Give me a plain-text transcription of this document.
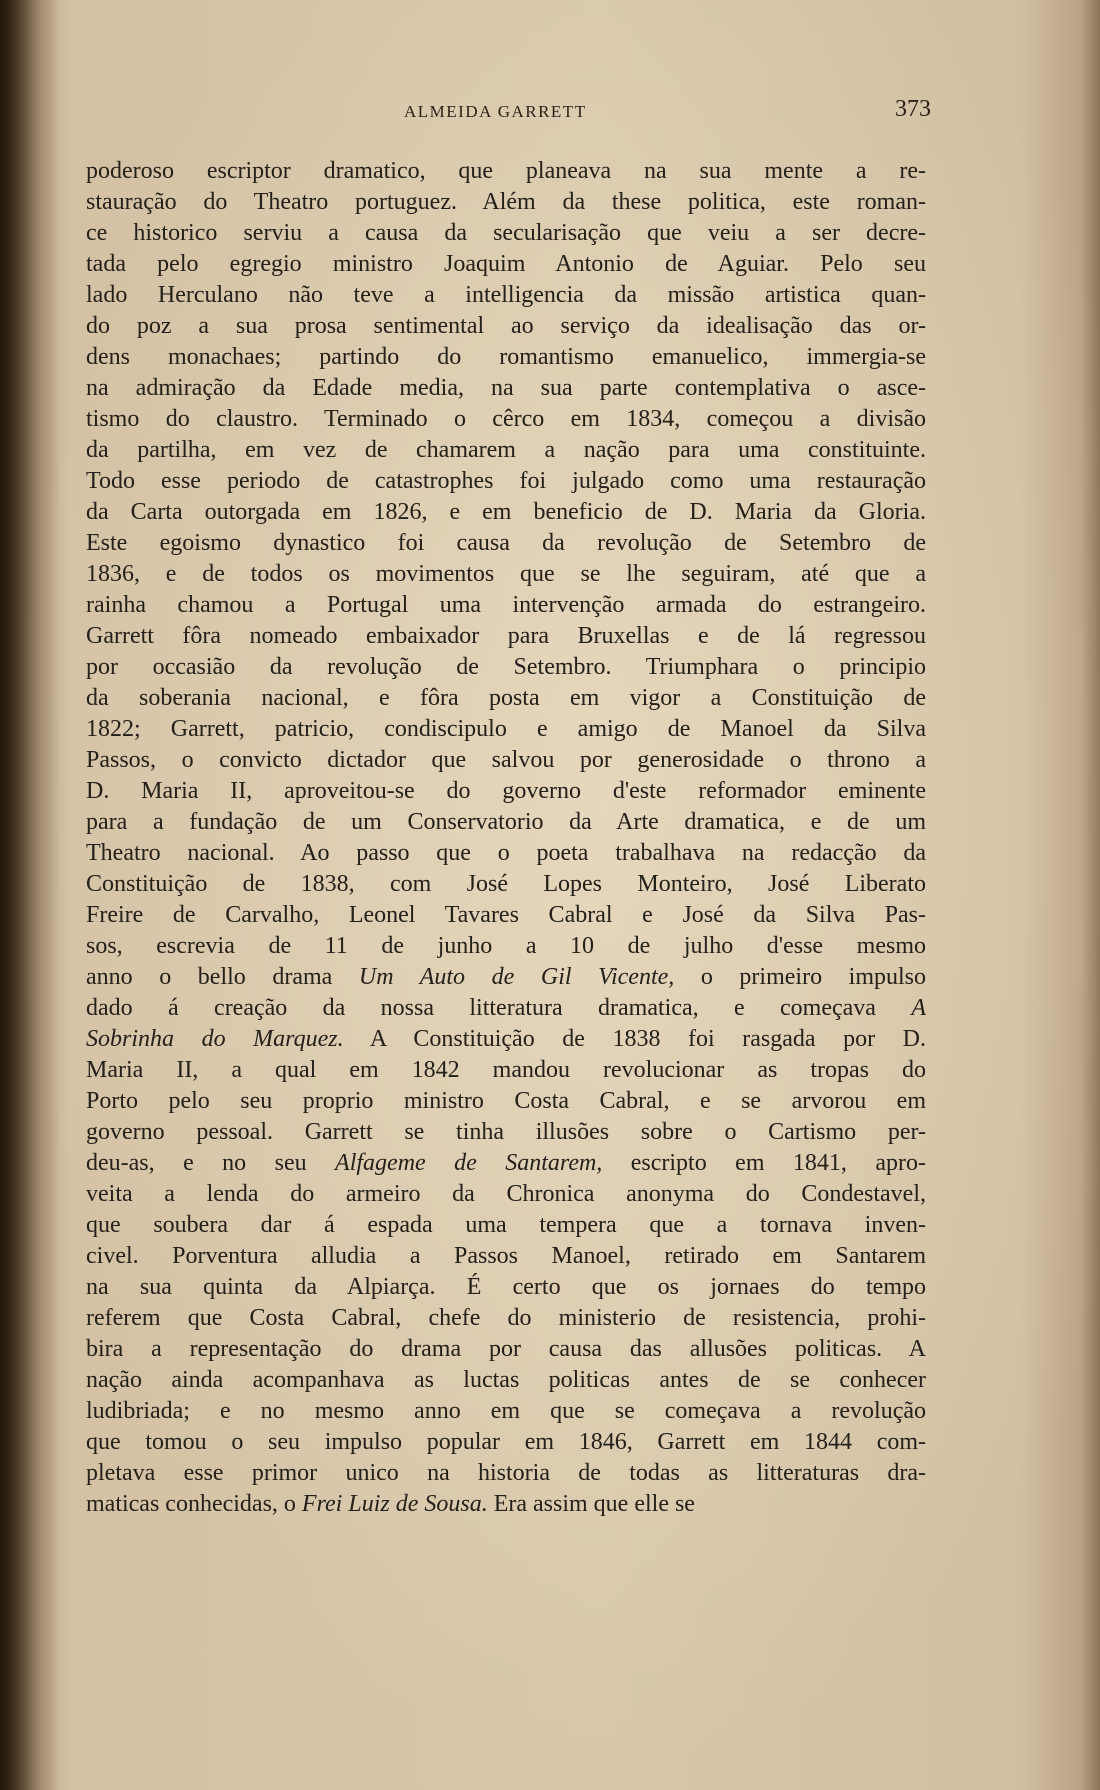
ALMEIDA GARRETT	373
poderoso escriptor dramatico, que planeava na sua mente a re-
stauração do Theatro portuguez. Além da these politica, este roman-
ce historico serviu a causa da secularisação que veiu a ser decre-
tada pelo egregio ministro Joaquim Antonio de Aguiar. Pelo seu
lado Herculano não teve a intelligencia da missão artistica quan-
do poz a sua prosa sentimental ao serviço da idealisação das or-
dens monachaes; partindo do romantismo emanuelico, immergia-se
na admiração da Edade media, na sua parte contemplativa o asce-
tismo do claustro. Terminado o cêrco em 1834, começou a divisão
da partilha, em vez de chamarem a nação para uma constituinte.
Todo esse periodo de catastrophes foi julgado como uma restauração
da Carta outorgada em 1826, e em beneficio de D. Maria da Gloria.
Este egoismo dynastico foi causa da revolução de Setembro de
1836, e de todos os movimentos que se lhe seguiram, até que a
rainha chamou a Portugal uma intervenção armada do estrangeiro.
Garrett fôra nomeado embaixador para Bruxellas e de lá regressou
por occasião da revolução de Setembro. Triumphara o principio
da soberania nacional, e fôra posta em vigor a Constituição de
1822; Garrett, patricio, condiscipulo e amigo de Manoel da Silva
Passos, o convicto dictador que salvou por generosidade o throno a
D. Maria II, aproveitou-se do governo d'este reformador eminente
para a fundação de um Conservatorio da Arte dramatica, e de um
Theatro nacional. Ao passo que o poeta trabalhava na redacção da
Constituição de 1838, com José Lopes Monteiro, José Liberato
Freire de Carvalho, Leonel Tavares Cabral e José da Silva Pas-
sos, escrevia de 11 de junho a 10 de julho d'esse mesmo
anno o bello drama Um Auto de Gil Vicente, o primeiro impulso
dado á creação da nossa litteratura dramatica, e começava A
Sobrinha do Marquez. A Constituição de 1838 foi rasgada por D.
Maria II, a qual em 1842 mandou revolucionar as tropas do
Porto pelo seu proprio ministro Costa Cabral, e se arvorou em
governo pessoal. Garrett se tinha illusões sobre o Cartismo per-
deu-as, e no seu Alfageme de Santarem, escripto em 1841, apro-
veita a lenda do armeiro da Chronica anonyma do Condestavel,
que soubera dar á espada uma tempera que a tornava inven-
civel. Porventura alludia a Passos Manoel, retirado em Santarem
na sua quinta da Alpiarça. É certo que os jornaes do tempo
referem que Costa Cabral, chefe do ministerio de resistencia, prohi-
bira a representação do drama por causa das allusões politicas. A
nação ainda acompanhava as luctas politicas antes de se conhecer
ludibriada; e no mesmo anno em que se começava a revolução
que tomou o seu impulso popular em 1846, Garrett em 1844 com-
pletava esse primor unico na historia de todas as litteraturas dra-
maticas conhecidas, o Frei Luiz de Sousa. Era assim que elle se
